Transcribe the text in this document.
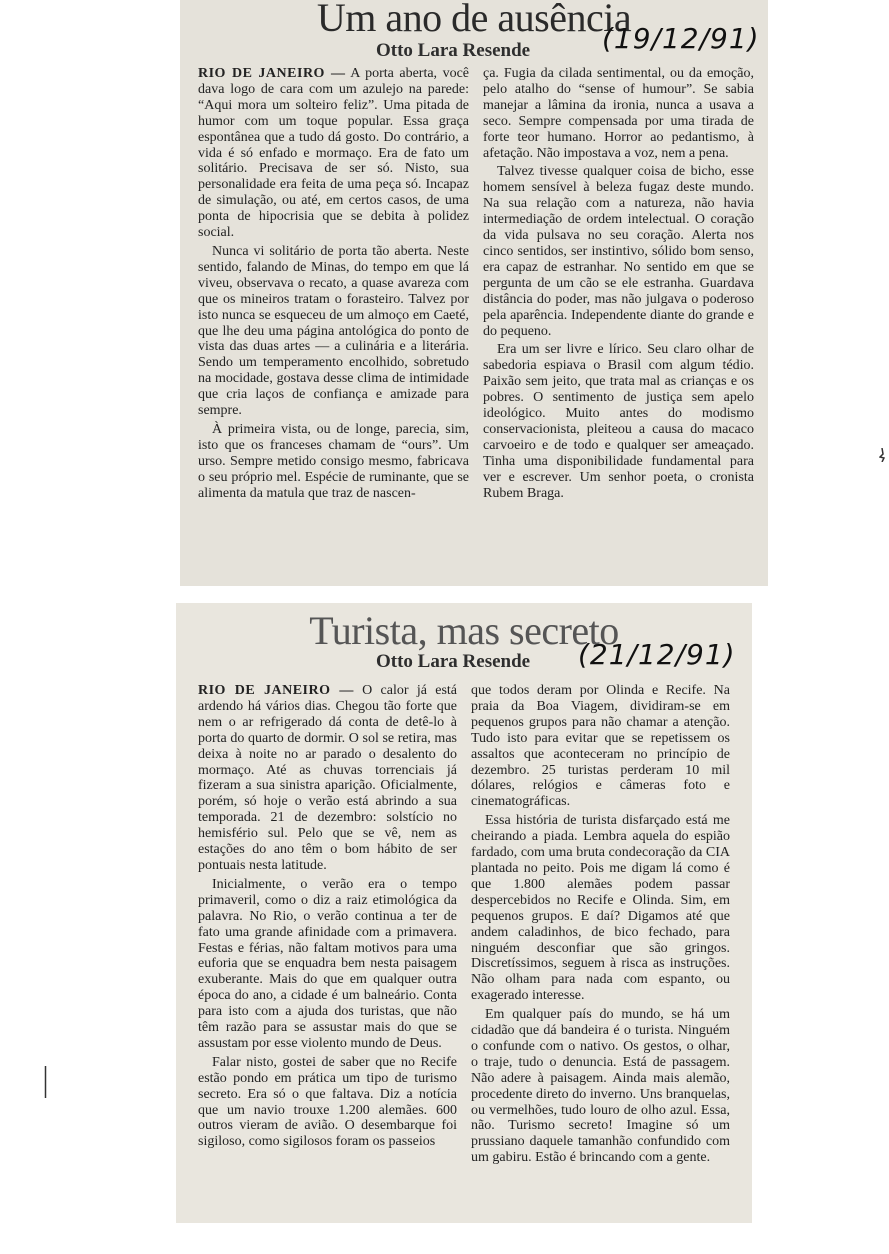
Um ano de ausência
Otto Lara Resende

RIO DE JANEIRO — A porta aberta, você dava logo de cara com um azulejo na parede: “Aqui mora um solteiro feliz”. Uma pitada de humor com um toque popular. Essa graça espontânea que a tudo dá gosto. Do contrário, a vida é só enfado e mormaço. Era de fato um solitário. Precisava de ser só. Nisto, sua personalidade era feita de uma peça só. Incapaz de simulação, ou até, em certos casos, de uma ponta de hipocrisia que se debita à polidez social.

Nunca vi solitário de porta tão aberta. Neste sentido, falando de Minas, do tempo em que lá viveu, observava o recato, a quase avareza com que os mineiros tratam o forasteiro. Talvez por isto nunca se esqueceu de um almoço em Caeté, que lhe deu uma página antológica do ponto de vista das duas artes — a culinária e a literária. Sendo um temperamento encolhido, sobretudo na mocidade, gostava desse clima de intimidade que cria laços de confiança e amizade para sempre.

À primeira vista, ou de longe, parecia, sim, isto que os franceses chamam de “ours”. Um urso. Sempre metido consigo mesmo, fabricava o seu próprio mel. Espécie de ruminante, que se alimenta da matula que traz de nascen-

ça. Fugia da cilada sentimental, ou da emoção, pelo atalho do “sense of humour”. Se sabia manejar a lâmina da ironia, nunca a usava a seco. Sempre compensada por uma tirada de forte teor humano. Horror ao pedantismo, à afetação. Não impostava a voz, nem a pena.

Talvez tivesse qualquer coisa de bicho, esse homem sensível à beleza fugaz deste mundo. Na sua relação com a natureza, não havia intermediação de ordem intelectual. O coração da vida pulsava no seu coração. Alerta nos cinco sentidos, ser instintivo, sólido bom senso, era capaz de estranhar. No sentido em que se pergunta de um cão se ele estranha. Guardava distância do poder, mas não julgava o poderoso pela aparência. Independente diante do grande e do pequeno.

Era um ser livre e lírico. Seu claro olhar de sabedoria espiava o Brasil com algum tédio. Paixão sem jeito, que trata mal as crianças e os pobres. O sentimento de justiça sem apelo ideológico. Muito antes do modismo conservacionista, pleiteou a causa do macaco carvoeiro e de todo e qualquer ser ameaçado. Tinha uma disponibilidade fundamental para ver e escrever. Um senhor poeta, o cronista Rubem Braga.

(19/12/91)
Turista, mas secreto
Otto Lara Resende

RIO DE JANEIRO — O calor já está ardendo há vários dias. Chegou tão forte que nem o ar refrigerado dá conta de detê-lo à porta do quarto de dormir. O sol se retira, mas deixa à noite no ar parado o desalento do mormaço. Até as chuvas torrenciais já fizeram a sua sinistra aparição. Oficialmente, porém, só hoje o verão está abrindo a sua temporada. 21 de dezembro: solstício no hemisfério sul. Pelo que se vê, nem as estações do ano têm o bom hábito de ser pontuais nesta latitude.

Inicialmente, o verão era o tempo primaveril, como o diz a raiz etimológica da palavra. No Rio, o verão continua a ter de fato uma grande afinidade com a primavera. Festas e férias, não faltam motivos para uma euforia que se enquadra bem nesta paisagem exuberante. Mais do que em qualquer outra época do ano, a cidade é um balneário. Conta para isto com a ajuda dos turistas, que não têm razão para se assustar mais do que se assustam por esse violento mundo de Deus.

Falar nisto, gostei de saber que no Recife estão pondo em prática um tipo de turismo secreto. Era só o que faltava. Diz a notícia que um navio trouxe 1.200 alemães. 600 outros vieram de avião. O desembarque foi sigiloso, como sigilosos foram os passeios

que todos deram por Olinda e Recife. Na praia da Boa Viagem, dividiram-se em pequenos grupos para não chamar a atenção. Tudo isto para evitar que se repetissem os assaltos que aconteceram no princípio de dezembro. 25 turistas perderam 10 mil dólares, relógios e câmeras foto e cinematográficas.

Essa história de turista disfarçado está me cheirando a piada. Lembra aquela do espião fardado, com uma bruta condecoração da CIA plantada no peito. Pois me digam lá como é que 1.800 alemães podem passar despercebidos no Recife e Olinda. Sim, em pequenos grupos. E daí? Digamos até que andem caladinhos, de bico fechado, para ninguém desconfiar que são gringos. Discretíssimos, seguem à risca as instruções. Não olham para nada com espanto, ou exagerado interesse.

Em qualquer país do mundo, se há um cidadão que dá bandeira é o turista. Ninguém o confunde com o nativo. Os gestos, o olhar, o traje, tudo o denuncia. Está de passagem. Não adere à paisagem. Ainda mais alemão, procedente direto do inverno. Uns branquelas, ou vermelhões, tudo louro de olho azul. Essa, não. Turismo secreto! Imagine só um prussiano daquele tamanhão confundido com um gabiru. Estão é brincando com a gente.

(21/12/91)
